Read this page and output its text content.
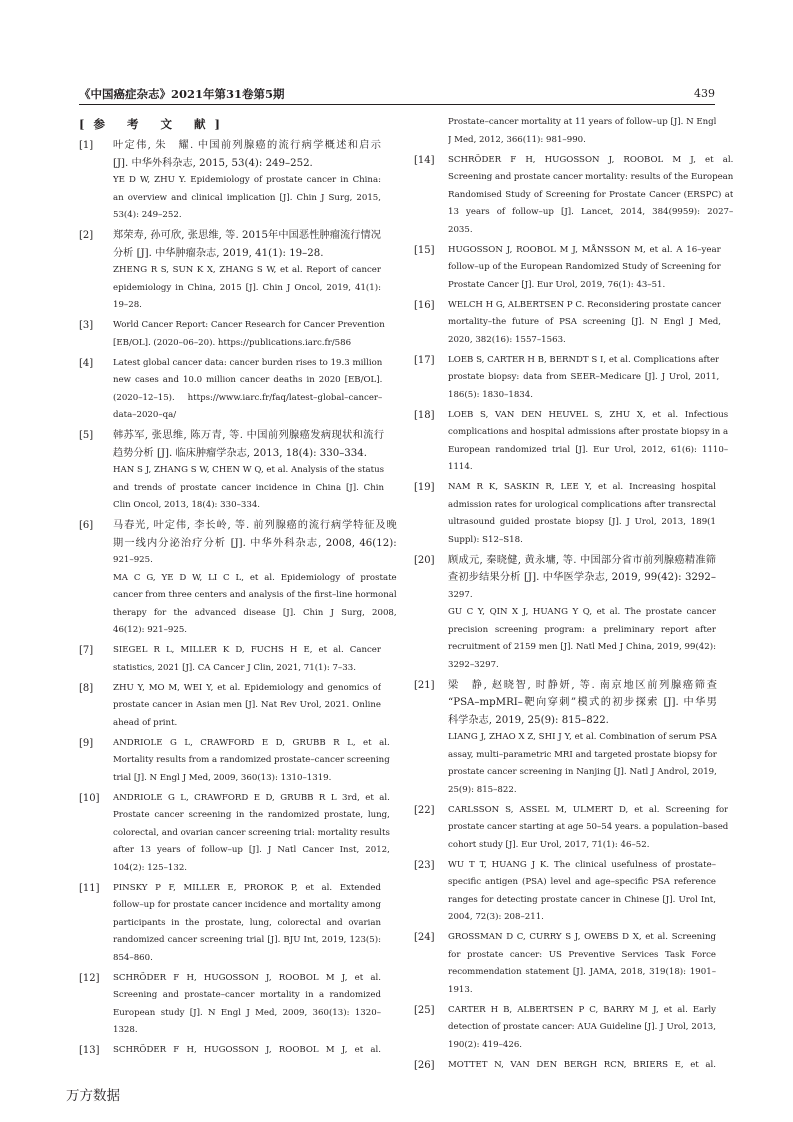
《中国癌症杂志》2021年第31卷第5期	439
[参 考 文 献]
[1]	叶定伟, 朱　耀. 中国前列腺癌的流行病学概述和启示
[J]. 中华外科杂志, 2015, 53(4): 249–252.
YE D W, ZHU Y. Epidemiology of prostate cancer in China:
an overview and clinical implication [J]. Chin J Surg, 2015,
53(4): 249–252.
[2]	郑荣寿, 孙可欣, 张思维, 等. 2015年中国恶性肿瘤流行情况
分析 [J]. 中华肿瘤杂志, 2019, 41(1): 19–28.
ZHENG R S, SUN K X, ZHANG S W, et al. Report of cancer
epidemiology in China, 2015 [J]. Chin J Oncol, 2019, 41(1):
19–28.
[3]	World Cancer Report: Cancer Research for Cancer Prevention
[EB/OL]. (2020–06–20). https://publications.iarc.fr/586
[4]	Latest global cancer data: cancer burden rises to 19.3 million
new cases and 10.0 million cancer deaths in 2020 [EB/OL].
(2020–12–15). https://www.iarc.fr/faq/latest–global–cancer–
data–2020–qa/
[5]	韩苏军, 张思维, 陈万青, 等. 中国前列腺癌发病现状和流行
趋势分析 [J]. 临床肿瘤学杂志, 2013, 18(4): 330–334.
HAN S J, ZHANG S W, CHEN W Q, et al. Analysis of the status
and trends of prostate cancer incidence in China [J]. Chin
Clin Oncol, 2013, 18(4): 330–334.
[6]	马春光, 叶定伟, 李长岭, 等. 前列腺癌的流行病学特征及晚
期一线内分泌治疗分析 [J]. 中华外科杂志, 2008, 46(12):
921–925.
MA C G, YE D W, LI C L, et al. Epidemiology of prostate
cancer from three centers and analysis of the first–line hormonal
therapy for the advanced disease [J]. Chin J Surg, 2008,
46(12): 921–925.
[7]	SIEGEL R L, MILLER K D, FUCHS H E, et al. Cancer
statistics, 2021 [J]. CA Cancer J Clin, 2021, 71(1): 7–33.
[8]	ZHU Y, MO M, WEI Y, et al. Epidemiology and genomics of
prostate cancer in Asian men [J]. Nat Rev Urol, 2021. Online
ahead of print.
[9]	ANDRIOLE G L, CRAWFORD E D, GRUBB R L, et al.
Mortality results from a randomized prostate–cancer screening
trial [J]. N Engl J Med, 2009, 360(13): 1310–1319.
[10]	ANDRIOLE G L, CRAWFORD E D, GRUBB R L 3rd, et al.
Prostate cancer screening in the randomized prostate, lung,
colorectal, and ovarian cancer screening trial: mortality results
after 13 years of follow–up [J]. J Natl Cancer Inst, 2012,
104(2): 125–132.
[11]	PINSKY P F, MILLER E, PROROK P, et al. Extended
follow–up for prostate cancer incidence and mortality among
participants in the prostate, lung, colorectal and ovarian
randomized cancer screening trial [J]. BJU Int, 2019, 123(5):
854–860.
[12]	SCHRÖDER F H, HUGOSSON J, ROOBOL M J, et al.
Screening and prostate–cancer mortality in a randomized
European study [J]. N Engl J Med, 2009, 360(13): 1320–
1328.
[13]	SCHRÖDER F H, HUGOSSON J, ROOBOL M J, et al.
Prostate–cancer mortality at 11 years of follow–up [J]. N Engl
J Med, 2012, 366(11): 981–990.
[14]	SCHRÖDER F H, HUGOSSON J, ROOBOL M J, et al.
Screening and prostate cancer mortality: results of the European
Randomised Study of Screening for Prostate Cancer (ERSPC) at
13 years of follow–up [J]. Lancet, 2014, 384(9959): 2027–
2035.
[15]	HUGOSSON J, ROOBOL M J, MÅNSSON M, et al. A 16–year
follow–up of the European Randomized Study of Screening for
Prostate Cancer [J]. Eur Urol, 2019, 76(1): 43–51.
[16]	WELCH H G, ALBERTSEN P C. Reconsidering prostate cancer
mortality–the future of PSA screening [J]. N Engl J Med,
2020, 382(16): 1557–1563.
[17]	LOEB S, CARTER H B, BERNDT S I, et al. Complications after
prostate biopsy: data from SEER–Medicare [J]. J Urol, 2011,
186(5): 1830–1834.
[18]	LOEB S, VAN DEN HEUVEL S, ZHU X, et al. Infectious
complications and hospital admissions after prostate biopsy in a
European randomized trial [J]. Eur Urol, 2012, 61(6): 1110–
1114.
[19]	NAM R K, SASKIN R, LEE Y, et al. Increasing hospital
admission rates for urological complications after transrectal
ultrasound guided prostate biopsy [J]. J Urol, 2013, 189(1
Suppl): S12–S18.
[20]	顾成元, 秦晓健, 黄永墉, 等. 中国部分省市前列腺癌精准筛
查初步结果分析 [J]. 中华医学杂志, 2019, 99(42): 3292–
3297.
GU C Y, QIN X J, HUANG Y Q, et al. The prostate cancer
precision screening program: a preliminary report after
recruitment of 2159 men [J]. Natl Med J China, 2019, 99(42):
3292–3297.
[21]	梁　静, 赵晓智, 时静妍, 等. 南京地区前列腺癌筛查
“PSA–mpMRI–靶向穿刺”模式的初步探索 [J]. 中华男
科学杂志, 2019, 25(9): 815–822.
LIANG J, ZHAO X Z, SHI J Y, et al. Combination of serum PSA
assay, multi–parametric MRI and targeted prostate biopsy for
prostate cancer screening in Nanjing [J]. Natl J Androl, 2019,
25(9): 815–822.
[22]	CARLSSON S, ASSEL M, ULMERT D, et al. Screening for
prostate cancer starting at age 50–54 years. a population–based
cohort study [J]. Eur Urol, 2017, 71(1): 46–52.
[23]	WU T T, HUANG J K. The clinical usefulness of prostate–
specific antigen (PSA) level and age–specific PSA reference
ranges for detecting prostate cancer in Chinese [J]. Urol Int,
2004, 72(3): 208–211.
[24]	GROSSMAN D C, CURRY S J, OWEBS D X, et al. Screening
for prostate cancer: US Preventive Services Task Force
recommendation statement [J]. JAMA, 2018, 319(18): 1901–
1913.
[25]	CARTER H B, ALBERTSEN P C, BARRY M J, et al. Early
detection of prostate cancer: AUA Guideline [J]. J Urol, 2013,
190(2): 419–426.
[26]	MOTTET N, VAN DEN BERGH RCN, BRIERS E, et al.
万方数据
